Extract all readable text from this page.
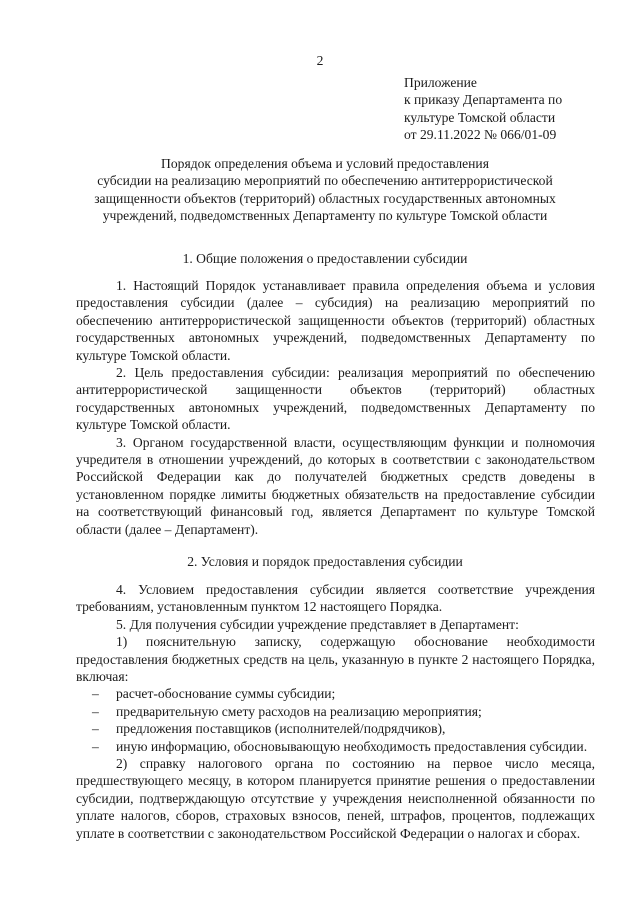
2
Приложение
к приказу Департамента по
культуре Томской области
от 29.11.2022 № 066/01-09
Порядок определения объема и условий предоставления
субсидии на реализацию мероприятий по обеспечению антитеррористической
защищенности объектов (территорий) областных государственных автономных
учреждений, подведомственных Департаменту по культуре Томской области
1. Общие положения о предоставлении субсидии

1. Настоящий Порядок устанавливает правила определения объема и условия предоставления субсидии (далее – субсидия) на реализацию мероприятий по обеспечению антитеррористической защищенности объектов (территорий) областных государственных автономных учреждений, подведомственных Департаменту по культуре Томской области.

2. Цель предоставления субсидии: реализация мероприятий по обеспечению антитеррористической защищенности объектов (территорий) областных государственных автономных учреждений, подведомственных Департаменту по культуре Томской области.

3. Органом государственной власти, осуществляющим функции и полномочия учредителя в отношении учреждений, до которых в соответствии с законодательством Российской Федерации как до получателей бюджетных средств доведены в установленном порядке лимиты бюджетных обязательств на предоставление субсидии на соответствующий финансовый год, является Департамент по культуре Томской области (далее – Департамент).

2. Условия и порядок предоставления субсидии

4. Условием предоставления субсидии является соответствие учреждения требованиям, установленным пунктом 12 настоящего Порядка.

5. Для получения субсидии учреждение представляет в Департамент:

1) пояснительную записку, содержащую обоснование необходимости предоставления бюджетных средств на цель, указанную в пункте 2 настоящего Порядка, включая:

– расчет-обоснование суммы субсидии;
– предварительную смету расходов на реализацию мероприятия;
– предложения поставщиков (исполнителей/подрядчиков),
– иную информацию, обосновывающую необходимость предоставления субсидии.

2) справку налогового органа по состоянию на первое число месяца, предшествующего месяцу, в котором планируется принятие решения о предоставлении субсидии, подтверждающую отсутствие у учреждения неисполненной обязанности по уплате налогов, сборов, страховых взносов, пеней, штрафов, процентов, подлежащих уплате в соответствии с законодательством Российской Федерации о налогах и сборах.
